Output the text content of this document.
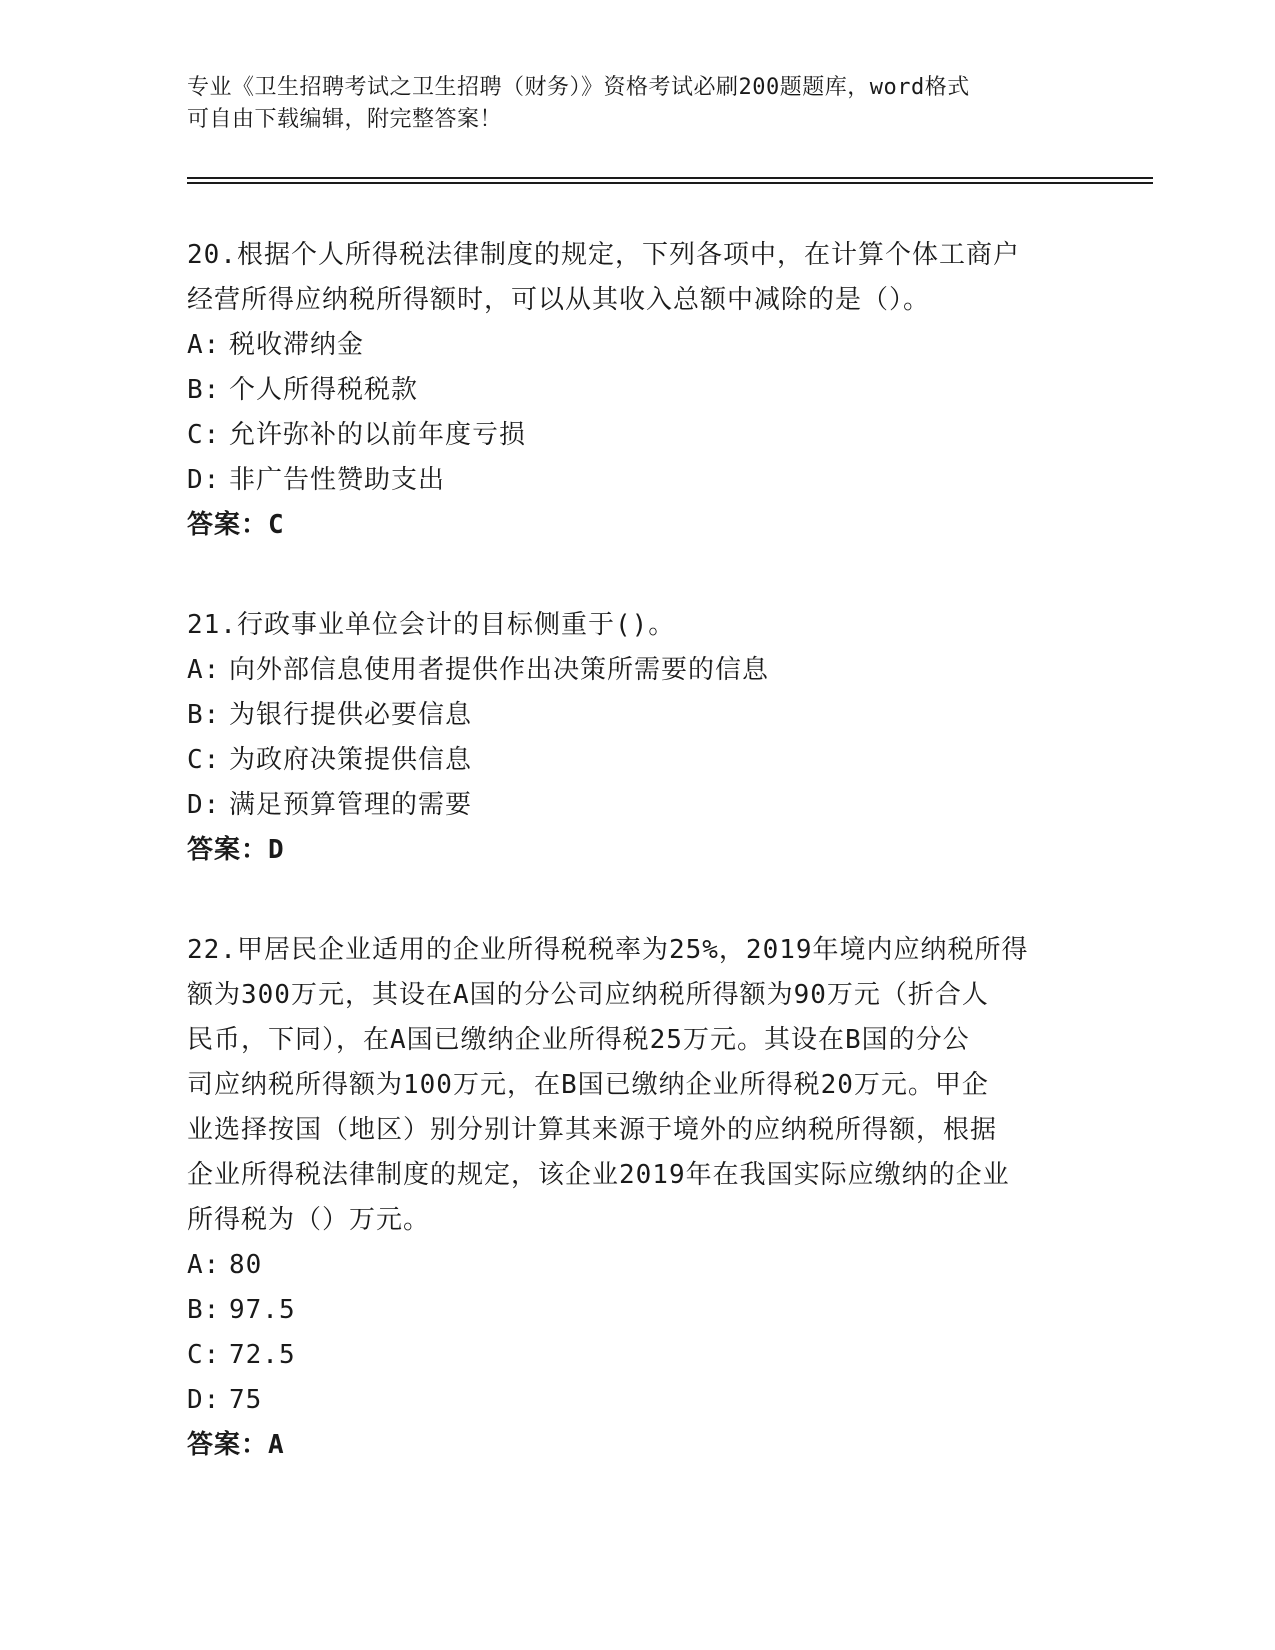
专业《卫生招聘考试之卫生招聘（财务）》资格考试必刷200题题库，word格式
可自由下载编辑，附完整答案！
20.根据个人所得税法律制度的规定，下列各项中，在计算个体工商户
经营所得应纳税所得额时，可以从其收入总额中减除的是（）。
A: 税收滞纳金
B: 个人所得税税款
C: 允许弥补的以前年度亏损
D: 非广告性赞助支出
答案：C
21.行政事业单位会计的目标侧重于()。
A: 向外部信息使用者提供作出决策所需要的信息
B: 为银行提供必要信息
C: 为政府决策提供信息
D: 满足预算管理的需要
答案：D
22.甲居民企业适用的企业所得税税率为25%，2019年境内应纳税所得
额为300万元，其设在A国的分公司应纳税所得额为90万元（折合人
民币，下同），在A国已缴纳企业所得税25万元。其设在B国的分公
司应纳税所得额为100万元，在B国已缴纳企业所得税20万元。甲企
业选择按国（地区）别分别计算其来源于境外的应纳税所得额，根据
企业所得税法律制度的规定，该企业2019年在我国实际应缴纳的企业
所得税为（）万元。
A: 80
B: 97.5
C: 72.5
D: 75
答案：A
